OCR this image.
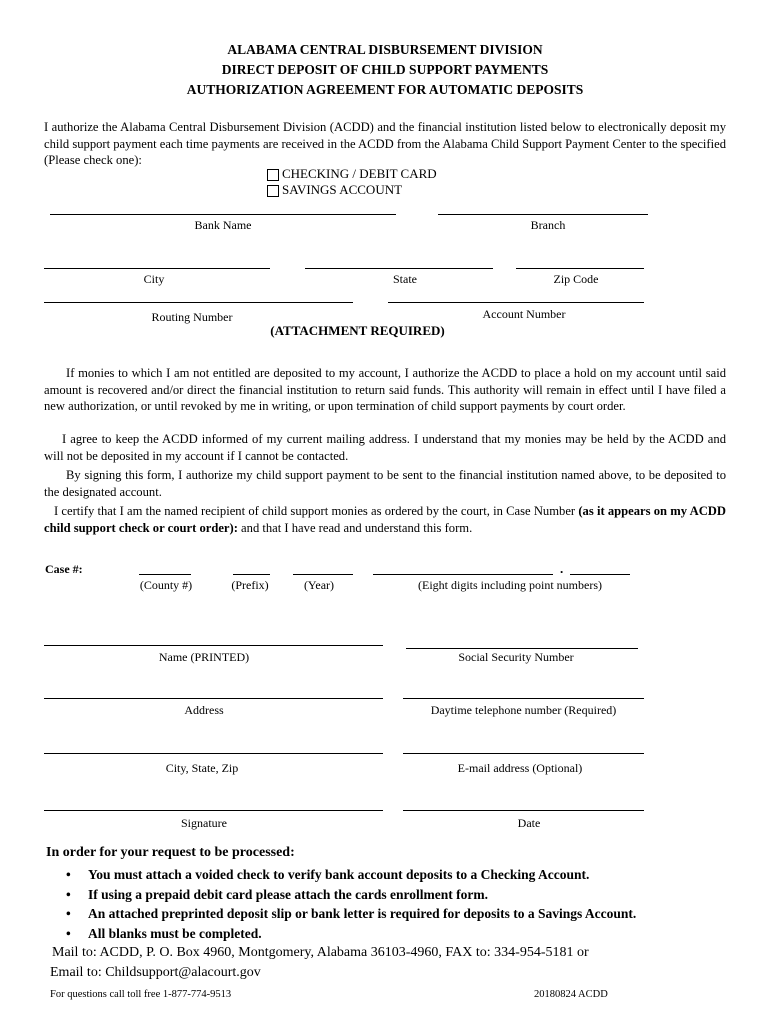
ALABAMA CENTRAL DISBURSEMENT DIVISION
DIRECT DEPOSIT OF CHILD SUPPORT PAYMENTS
AUTHORIZATION AGREEMENT FOR AUTOMATIC DEPOSITS
I authorize the Alabama Central Disbursement Division (ACDD) and the financial institution listed below to electronically deposit my child support payment each time payments are received in the ACDD from the Alabama Child Support Payment Center to the specified (Please check one):
CHECKING / DEBIT CARD
SAVINGS ACCOUNT
Bank Name	Branch
City	State	Zip Code
Routing Number	Account Number
(ATTACHMENT REQUIRED)
If monies to which I am not entitled are deposited to my account, I authorize the ACDD to place a hold on my account until said amount is recovered and/or direct the financial institution to return said funds. This authority will remain in effect until I have filed a new authorization, or until revoked by me in writing, or upon termination of child support payments by court order.
I agree to keep the ACDD informed of my current mailing address. I understand that my monies may be held by the ACDD and will not be deposited in my account if I cannot be contacted.
By signing this form, I authorize my child support payment to be sent to the financial institution named above, to be deposited to the designated account.
I certify that I am the named recipient of child support monies as ordered by the court, in Case Number (as it appears on my ACDD child support check or court order): and that I have read and understand this form.
Case #:	.
(County #)	(Prefix)	(Year)	(Eight digits including point numbers)
Name (PRINTED)	Social Security Number
Address	Daytime telephone number (Required)
City, State, Zip	E-mail address (Optional)
Signature	Date
In order for your request to be processed:
• You must attach a voided check to verify bank account deposits to a Checking Account.
• If using a prepaid debit card please attach the cards enrollment form.
• An attached preprinted deposit slip or bank letter is required for deposits to a Savings Account.
• All blanks must be completed.
Mail to: ACDD, P. O. Box 4960, Montgomery, Alabama 36103-4960, FAX to: 334-954-5181 or
Email to: Childsupport@alacourt.gov
For questions call toll free 1-877-774-9513	20180824 ACDD
